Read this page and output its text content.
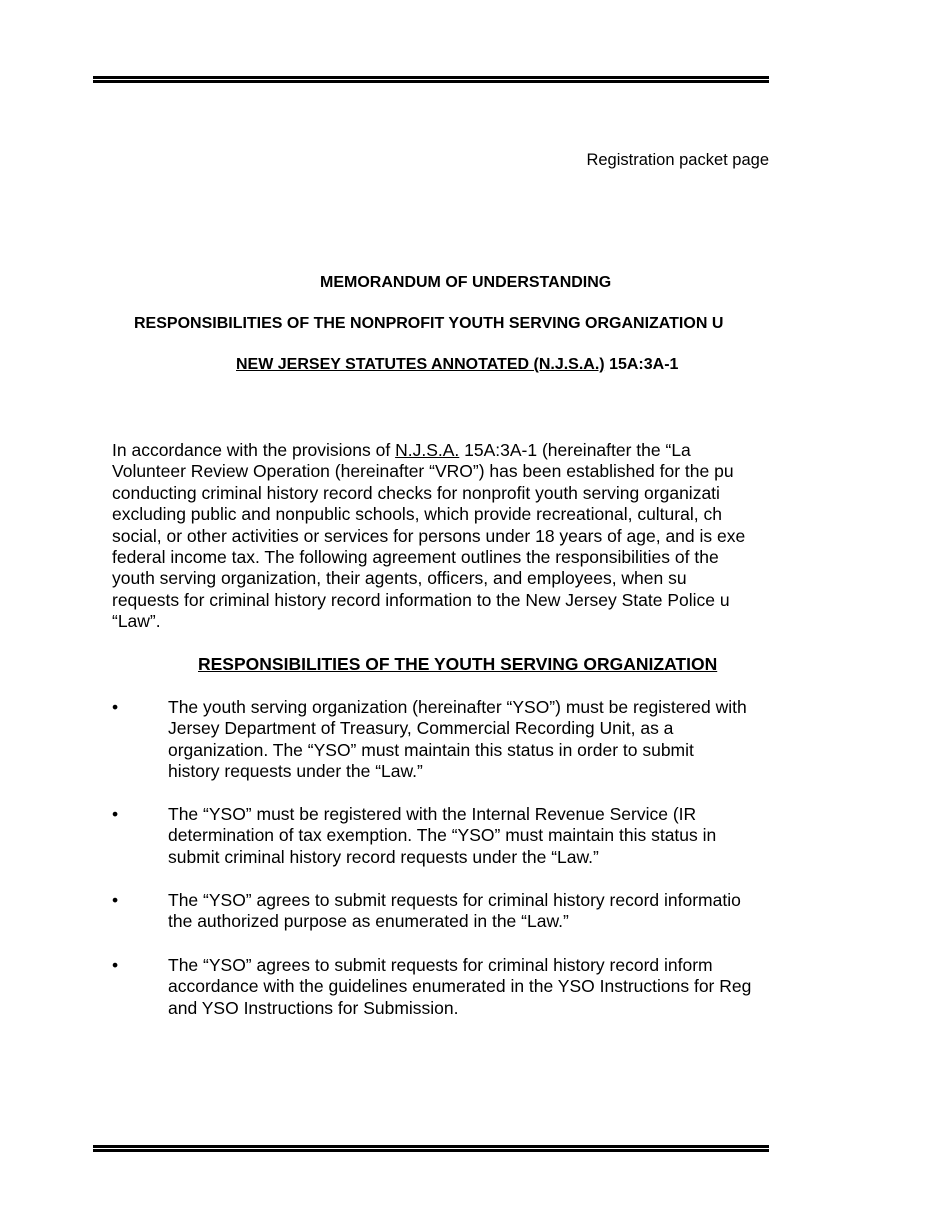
Registration packet page
MEMORANDUM OF UNDERSTANDING
RESPONSIBILITIES OF THE NONPROFIT YOUTH SERVING ORGANIZATION U
NEW JERSEY STATUTES ANNOTATED (N.J.S.A.) 15A:3A-1
In accordance with the provisions of N.J.S.A. 15A:3A-1 (hereinafter the “La
Volunteer Review Operation (hereinafter “VRO”) has been established for the pu
conducting criminal history record checks for nonprofit youth serving organizati
excluding public and nonpublic schools, which provide recreational, cultural, ch
social, or other activities or services for persons under 18 years of age, and is exe
federal income tax. The following agreement outlines the responsibilities of the
youth serving organization, their agents, officers, and employees, when su
requests for criminal history record information to the New Jersey State Police u
“Law”.
RESPONSIBILITIES OF THE YOUTH SERVING ORGANIZATION
•	The youth serving organization (hereinafter “YSO”) must be registered with
Jersey Department of Treasury, Commercial Recording Unit, as a
organization. The “YSO” must maintain this status in order to submit
history requests under the “Law.”
•	The “YSO” must be registered with the Internal Revenue Service (IR
determination of tax exemption. The “YSO” must maintain this status in
submit criminal history record requests under the “Law.”
•	The “YSO” agrees to submit requests for criminal history record informatio
the authorized purpose as enumerated in the “Law.”
•	The “YSO” agrees to submit requests for criminal history record inform
accordance with the guidelines enumerated in the YSO Instructions for Reg
and YSO Instructions for Submission.
